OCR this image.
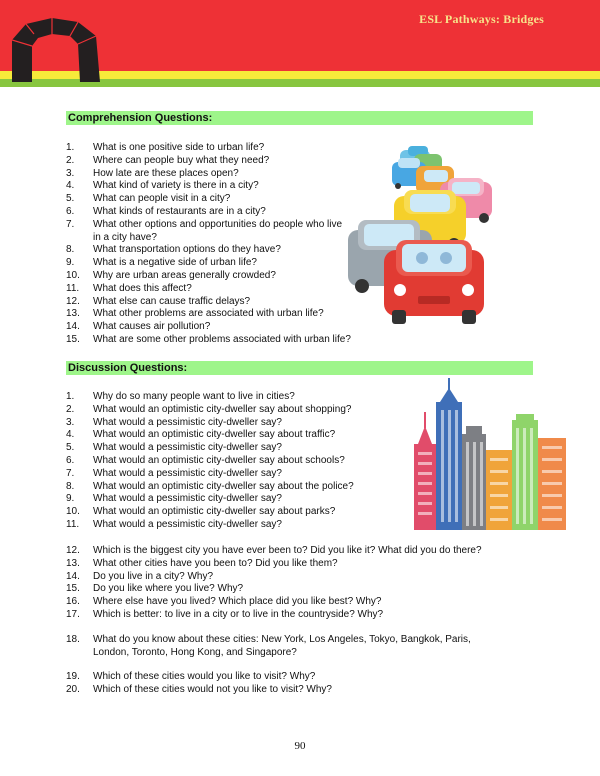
ESL Pathways: Bridges
Comprehension Questions:
1. What is one positive side to urban life?
2. Where can people buy what they need?
3. How late are these places open?
4. What kind of variety is there in a city?
5. What can people visit in a city?
6. What kinds of restaurants are in a city?
7. What other options and opportunities do people who live in a city have?
8. What transportation options do they have?
9. What is a negative side of urban life?
10. Why are urban areas generally crowded?
11. What does this affect?
12. What else can cause traffic delays?
13. What other problems are associated with urban life?
14. What causes air pollution?
15. What are some other problems associated with urban life?
Discussion Questions:
1. Why do so many people want to live in cities?
2. What would an optimistic city-dweller say about shopping?
3. What would a pessimistic city-dweller say?
4. What would an optimistic city-dweller say about traffic?
5. What would a pessimistic city-dweller say?
6. What would an optimistic city-dweller say about schools?
7. What would a pessimistic city-dweller say?
8. What would an optimistic city-dweller say about the police?
9. What would a pessimistic city-dweller say?
10. What would an optimistic city-dweller say about parks?
11. What would a pessimistic city-dweller say?
12. Which is the biggest city you have ever been to? Did you like it? What did you do there?
13. What other cities have you been to? Did you like them?
14. Do you live in a city? Why?
15. Do you like where you live? Why?
16. Where else have you lived? Which place did you like best? Why?
17. Which is better: to live in a city or to live in the countryside? Why?
18. What do you know about these cities: New York, Los Angeles, Tokyo, Bangkok, Paris, London, Toronto, Hong Kong, and Singapore?
19. Which of these cities would you like to visit? Why?
20. Which of these cities would not you like to visit? Why?
90
